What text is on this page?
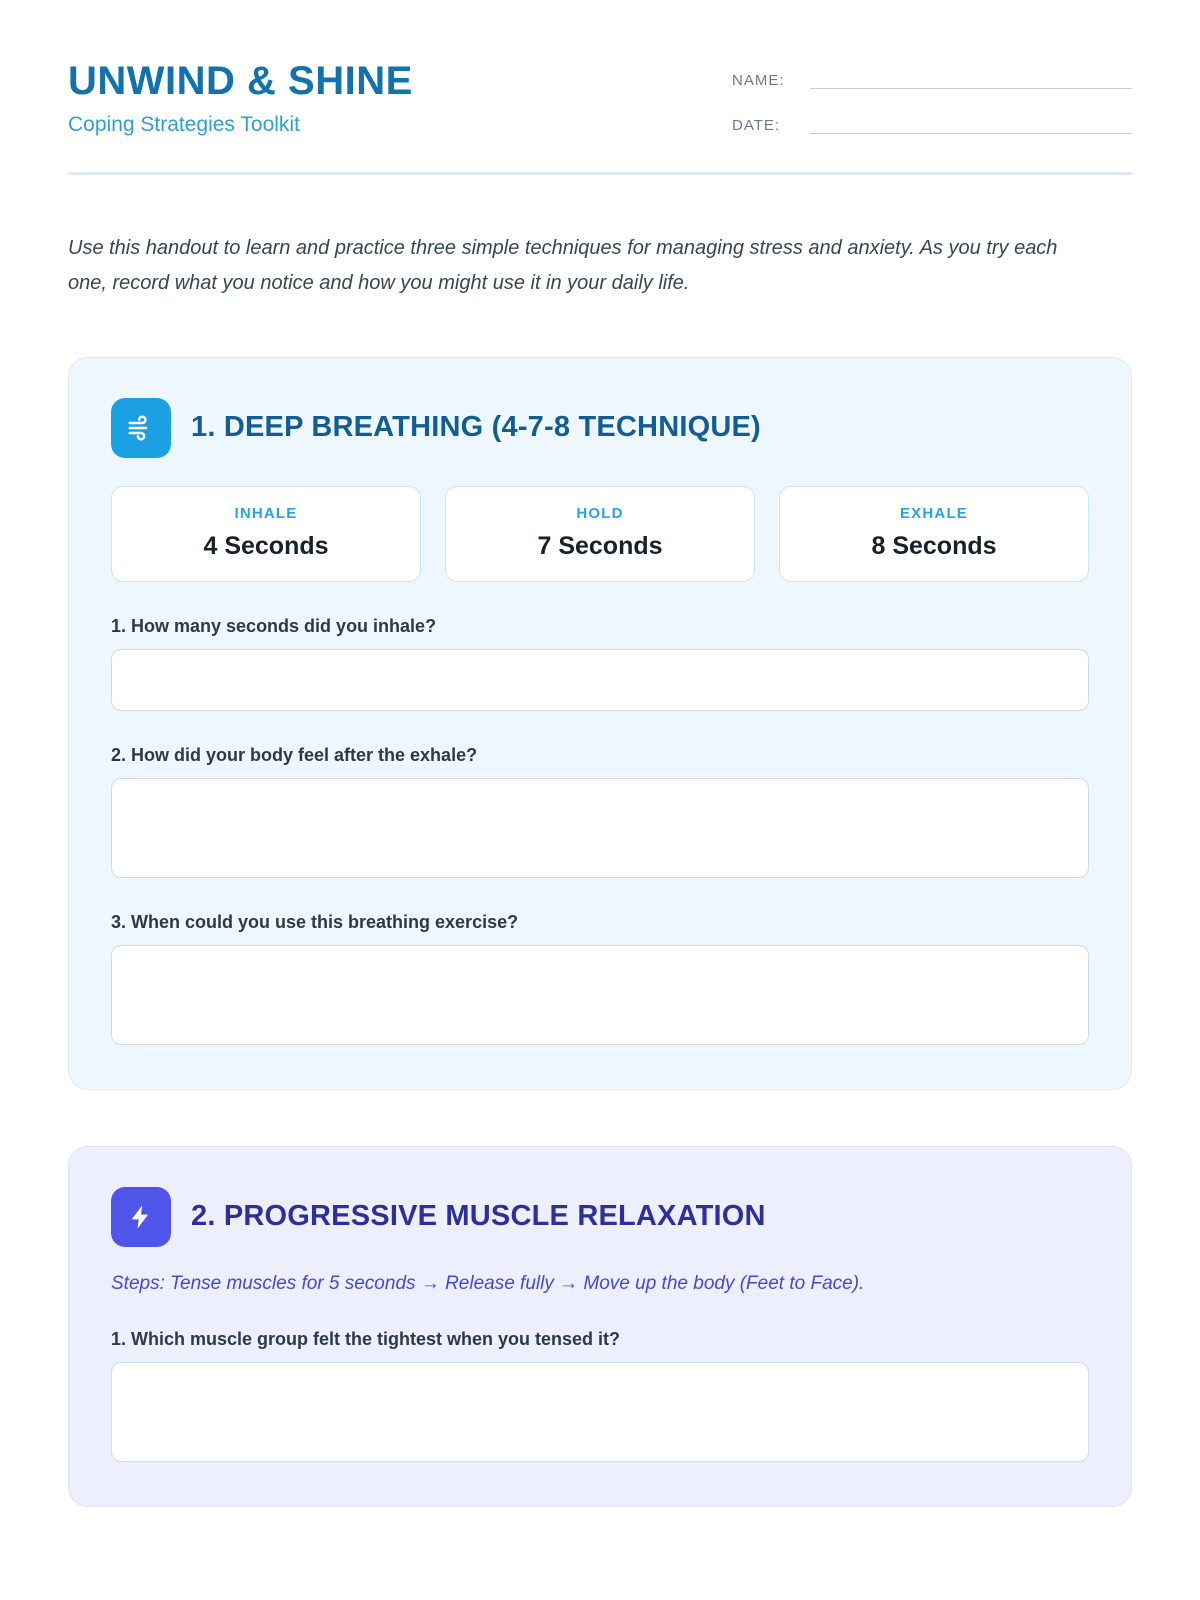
UNWIND & SHINE

Coping Strategies Toolkit

NAME:
DATE:

Use this handout to learn and practice three simple techniques for managing stress and anxiety. As you try each one, record what you notice and how you might use it in your daily life.

1. DEEP BREATHING (4-7-8 TECHNIQUE)
INHALE
4 Seconds
HOLD
7 Seconds
EXHALE
8 Seconds
1. How many seconds did you inhale?
2. How did your body feel after the exhale?
3. When could you use this breathing exercise?
2. PROGRESSIVE MUSCLE RELAXATION
Steps: Tense muscles for 5 seconds → Release fully → Move up the body (Feet to Face).
1. Which muscle group felt the tightest when you tensed it?
